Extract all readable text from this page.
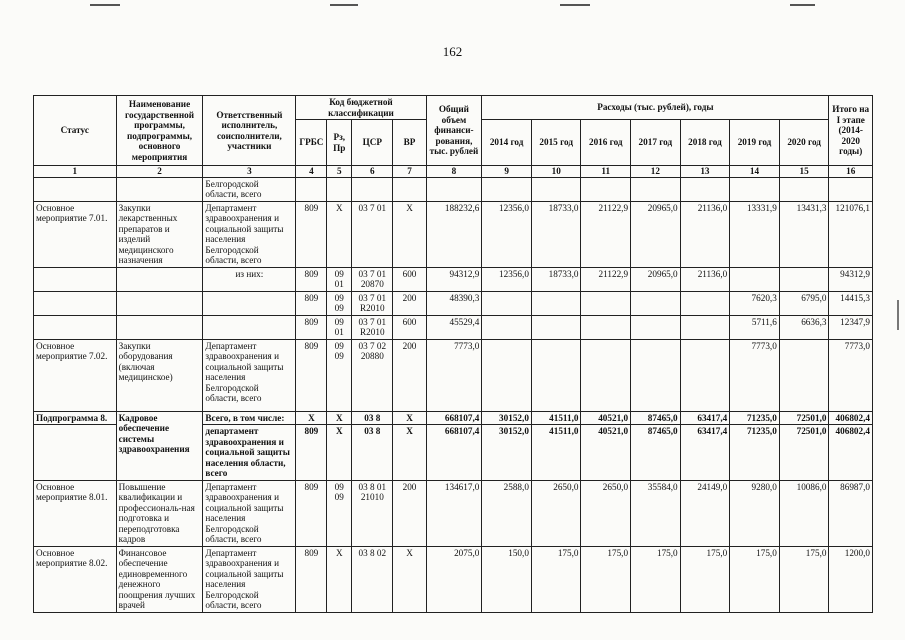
162
Статус	Наименование государственной программы, подпрограммы, основного мероприятия	Ответственный исполнитель, соисполнители, участники	Код бюджетной классификации				Общий объем финанси-рования, тыс. рублей	Расходы (тыс. рублей), годы							Итого на I этапе (2014-2020 годы)
			ГРБС	Рз, Пр	ЦСР	ВР		2014 год	2015 год	2016 год	2017 год	2018 год	2019 год	2020 год	
1	2	3	4	5	6	7	8	9	10	11	12	13	14	15	16
		Белгородской области, всего													
Основное мероприятие 7.01.	Закупки лекарственных препаратов и изделий медицинского назначения	Департамент здравоохранения и социальной защиты населения Белгородской области, всего	809	Х	03 7 01	Х	188232,6	12356,0	18733,0	21122,9	20965,0	21136,0	13331,9	13431,3	121076,1
		из них:	809	09 01	03 7 01 20870	600	94312,9	12356,0	18733,0	21122,9	20965,0	21136,0			94312,9
			809	09 09	03 7 01 R2010	200	48390,3						7620,3	6795,0	14415,3
			809	09 01	03 7 01 R2010	600	45529,4						5711,6	6636,3	12347,9
Основное мероприятие 7.02.	Закупки оборудования (включая медицинское)	Департамент здравоохранения и социальной защиты населения Белгородской области, всего	809	09 09	03 7 02 20880	200	7773,0						7773,0		7773,0
Подпрограмма 8.	Кадровое обеспечение системы здравоохранения	Всего, в том числе:	Х	Х	03 8	Х	668107,4	30152,0	41511,0	40521,0	87465,0	63417,4	71235,0	72501,0	406802,4
		департамент здравоохранения и социальной защиты населения области, всего	809	Х	03 8	Х	668107,4	30152,0	41511,0	40521,0	87465,0	63417,4	71235,0	72501,0	406802,4
Основное мероприятие 8.01.	Повышение квалификации и профессиональ-ная подготовка и переподготовка кадров	Департамент здравоохранения и социальной защиты населения Белгородской области, всего	809	09 09	03 8 01 21010	200	134617,0	2588,0	2650,0	2650,0	35584,0	24149,0	9280,0	10086,0	86987,0
Основное мероприятие 8.02.	Финансовое обеспечение единовременного денежного поощрения лучших врачей	Департамент здравоохранения и социальной защиты населения Белгородской области, всего	809	Х	03 8 02	Х	2075,0	150,0	175,0	175,0	175,0	175,0	175,0	175,0	1200,0
